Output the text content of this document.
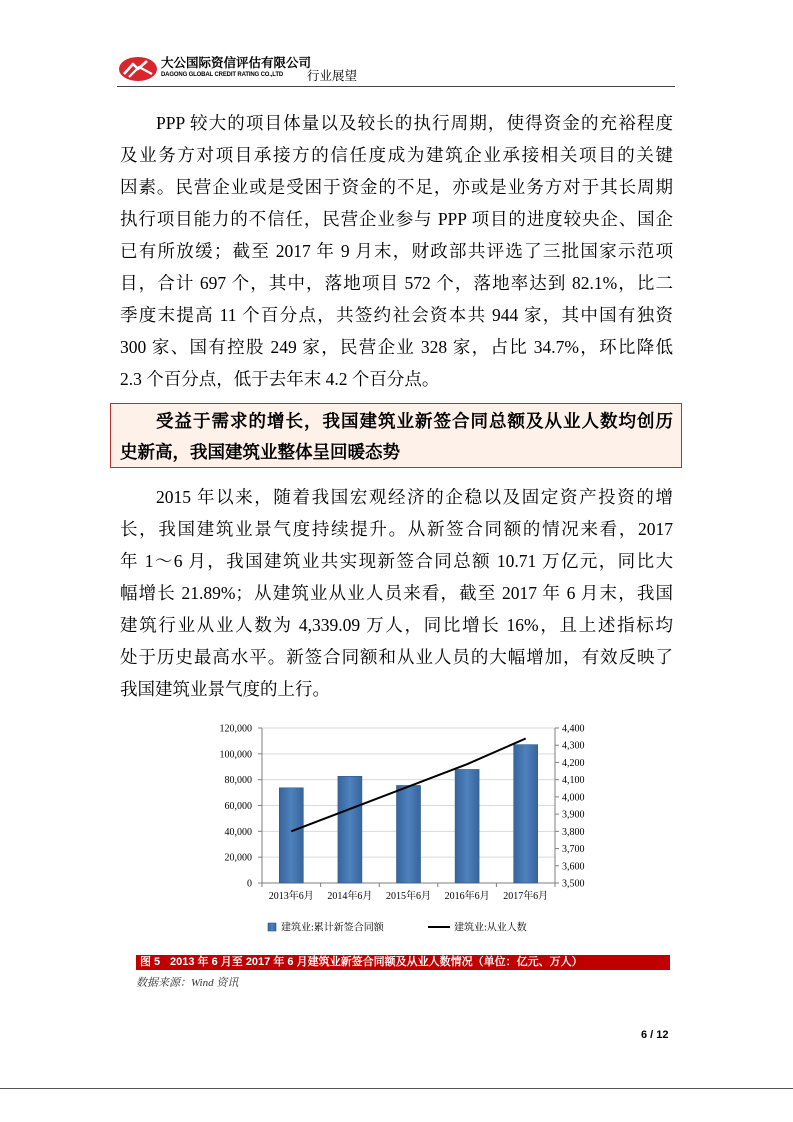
大公国际资信评估有限公司
DAGONG GLOBAL CREDIT RATING CO.,LTD 行业展望
PPP 较大的项目体量以及较长的执行周期，使得资金的充裕程度
及业务方对项目承接方的信任度成为建筑企业承接相关项目的关键
因素。民营企业或是受困于资金的不足，亦或是业务方对于其长周期
执行项目能力的不信任，民营企业参与 PPP 项目的进度较央企、国企
已有所放缓；截至 2017 年 9 月末，财政部共评选了三批国家示范项
目，合计 697 个，其中，落地项目 572 个，落地率达到 82.1%，比二
季度末提高 11 个百分点，共签约社会资本共 944 家，其中国有独资
300 家、国有控股 249 家，民营企业 328 家，占比 34.7%，环比降低
2.3 个百分点，低于去年末 4.2 个百分点。
受益于需求的增长，我国建筑业新签合同总额及从业人数均创历
史新高，我国建筑业整体呈回暖态势
2015 年以来，随着我国宏观经济的企稳以及固定资产投资的增
长，我国建筑业景气度持续提升。从新签合同额的情况来看，2017
年 1～6 月，我国建筑业共实现新签合同总额 10.71 万亿元，同比大
幅增长 21.89%；从建筑业从业人员来看，截至 2017 年 6 月末，我国
建筑行业从业人数为 4,339.09 万人，同比增长 16%，且上述指标均
处于历史最高水平。新签合同额和从业人员的大幅增加，有效反映了
我国建筑业景气度的上行。
0
20,000
40,000
60,000
80,000
100,000
120,000
3,500
3,600
3,700
3,800
3,900
4,000
4,100
4,200
4,300
4,400
2013年6月 2014年6月 2015年6月 2016年6月 2017年6月
建筑业:累计新签合同额	建筑业:从业人数
图 5 2013 年 6 月至 2017 年 6 月建筑业新签合同额及从业人数情况（单位：亿元、万人）
数据来源：Wind 资讯
6 / 12
